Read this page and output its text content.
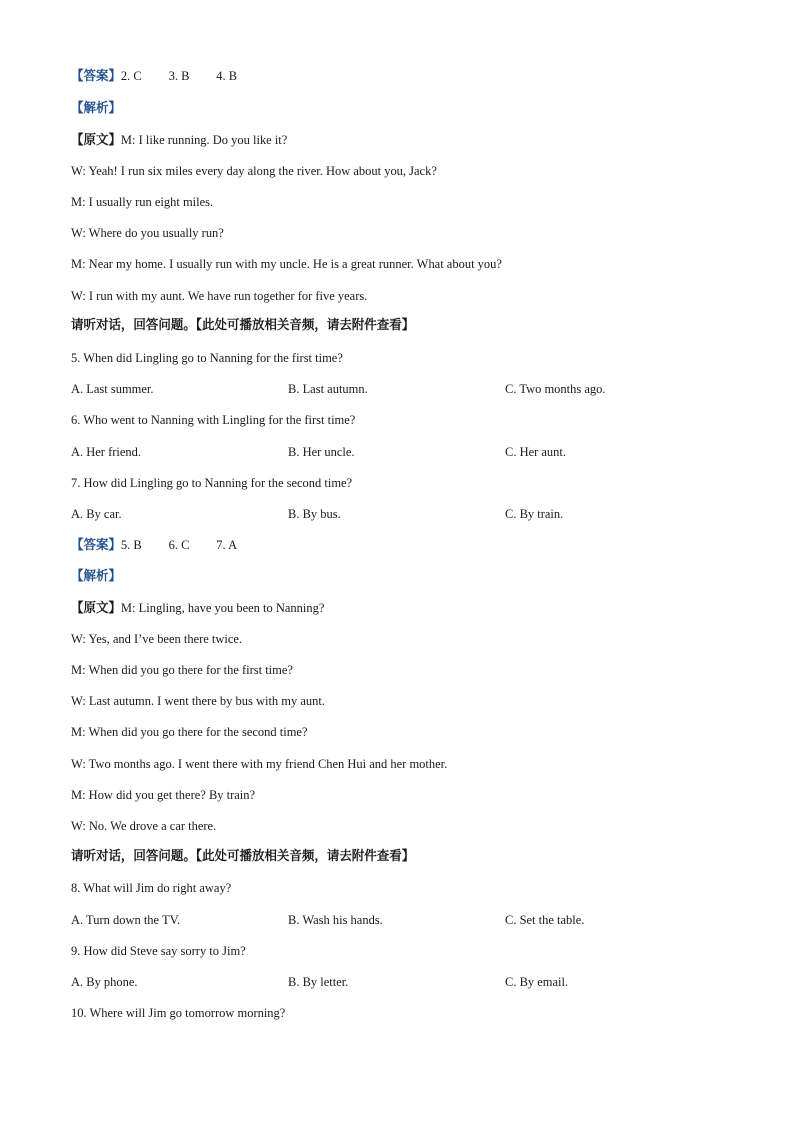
【答案】2. C 3. B 4. B
【解析】
【原文】M: I like running. Do you like it?
W: Yeah! I run six miles every day along the river. How about you, Jack?
M: I usually run eight miles.
W: Where do you usually run?
M: Near my home. I usually run with my uncle. He is a great runner. What about you?
W: I run with my aunt. We have run together for five years.
请听对话，回答问题。【此处可播放相关音频，请去附件查看】
5. When did Lingling go to Nanning for the first time?
A. Last summer.	B. Last autumn.	C. Two months ago.
6. Who went to Nanning with Lingling for the first time?
A. Her friend.	B. Her uncle.	C. Her aunt.
7. How did Lingling go to Nanning for the second time?
A. By car.	B. By bus.	C. By train.
【答案】5. B 6. C 7. A
【解析】
【原文】M: Lingling, have you been to Nanning?
W: Yes, and I’ve been there twice.
M: When did you go there for the first time?
W: Last autumn. I went there by bus with my aunt.
M: When did you go there for the second time?
W: Two months ago. I went there with my friend Chen Hui and her mother.
M: How did you get there? By train?
W: No. We drove a car there.
请听对话，回答问题。【此处可播放相关音频，请去附件查看】
8. What will Jim do right away?
A. Turn down the TV.	B. Wash his hands.	C. Set the table.
9. How did Steve say sorry to Jim?
A. By phone.	B. By letter.	C. By email.
10. Where will Jim go tomorrow morning?
